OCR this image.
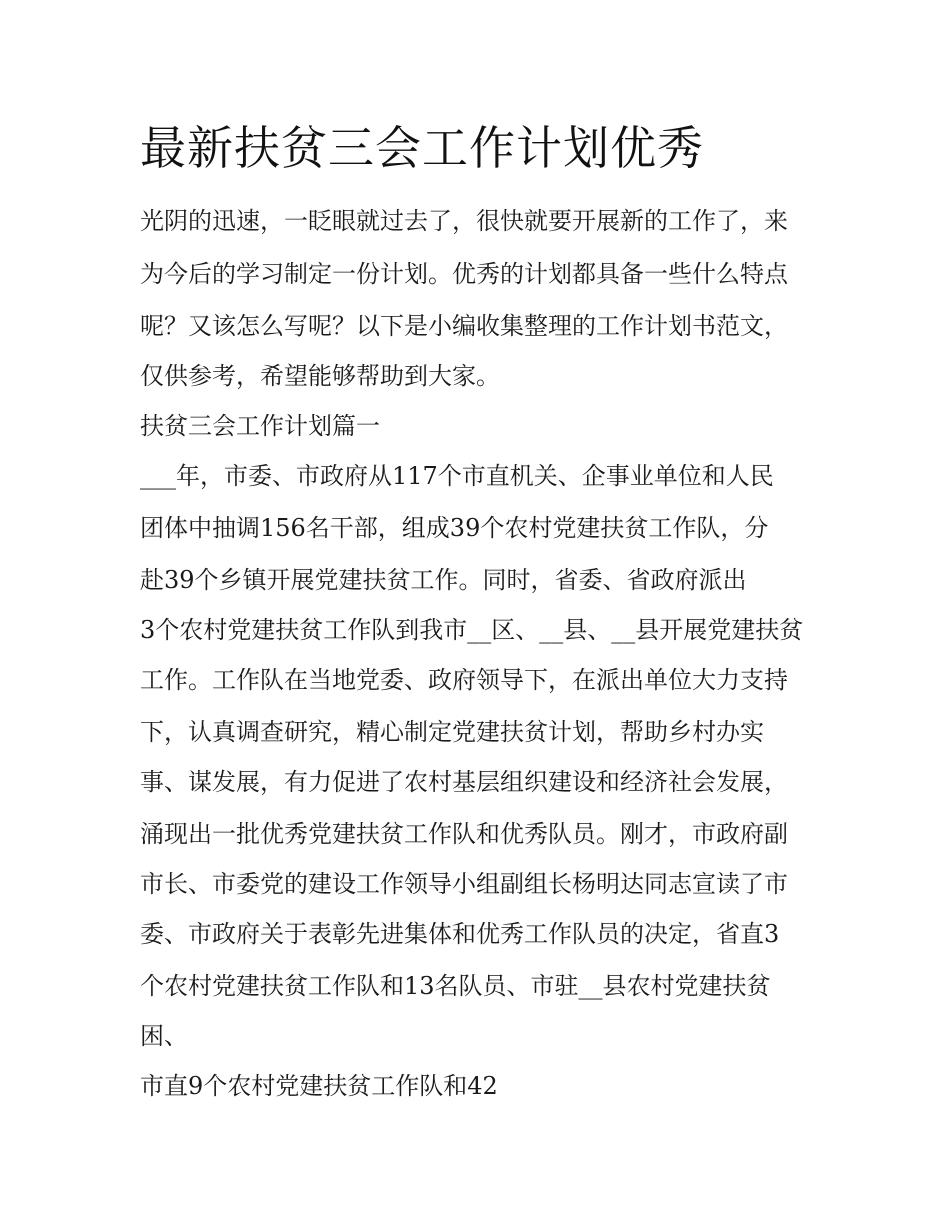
最新扶贫三会工作计划优秀
光阴的迅速，一眨眼就过去了，很快就要开展新的工作了，来
为今后的学习制定一份计划。优秀的计划都具备一些什么特点
呢？又该怎么写呢？以下是小编收集整理的工作计划书范文，
仅供参考，希望能够帮助到大家。
扶贫三会工作计划篇一
___年，市委、市政府从117个市直机关、企事业单位和人民
团体中抽调156名干部，组成39个农村党建扶贫工作队，分
赴39个乡镇开展党建扶贫工作。同时，省委、省政府派出
3个农村党建扶贫工作队到我市__区、__县、__县开展党建扶贫
工作。工作队在当地党委、政府领导下，在派出单位大力支持
下，认真调查研究，精心制定党建扶贫计划，帮助乡村办实
事、谋发展，有力促进了农村基层组织建设和经济社会发展，
涌现出一批优秀党建扶贫工作队和优秀队员。刚才，市政府副
市长、市委党的建设工作领导小组副组长杨明达同志宣读了市
委、市政府关于表彰先进集体和优秀工作队员的决定，省直3
个农村党建扶贫工作队和13名队员、市驻__县农村党建扶贫
困、
市直9个农村党建扶贫工作队和42
